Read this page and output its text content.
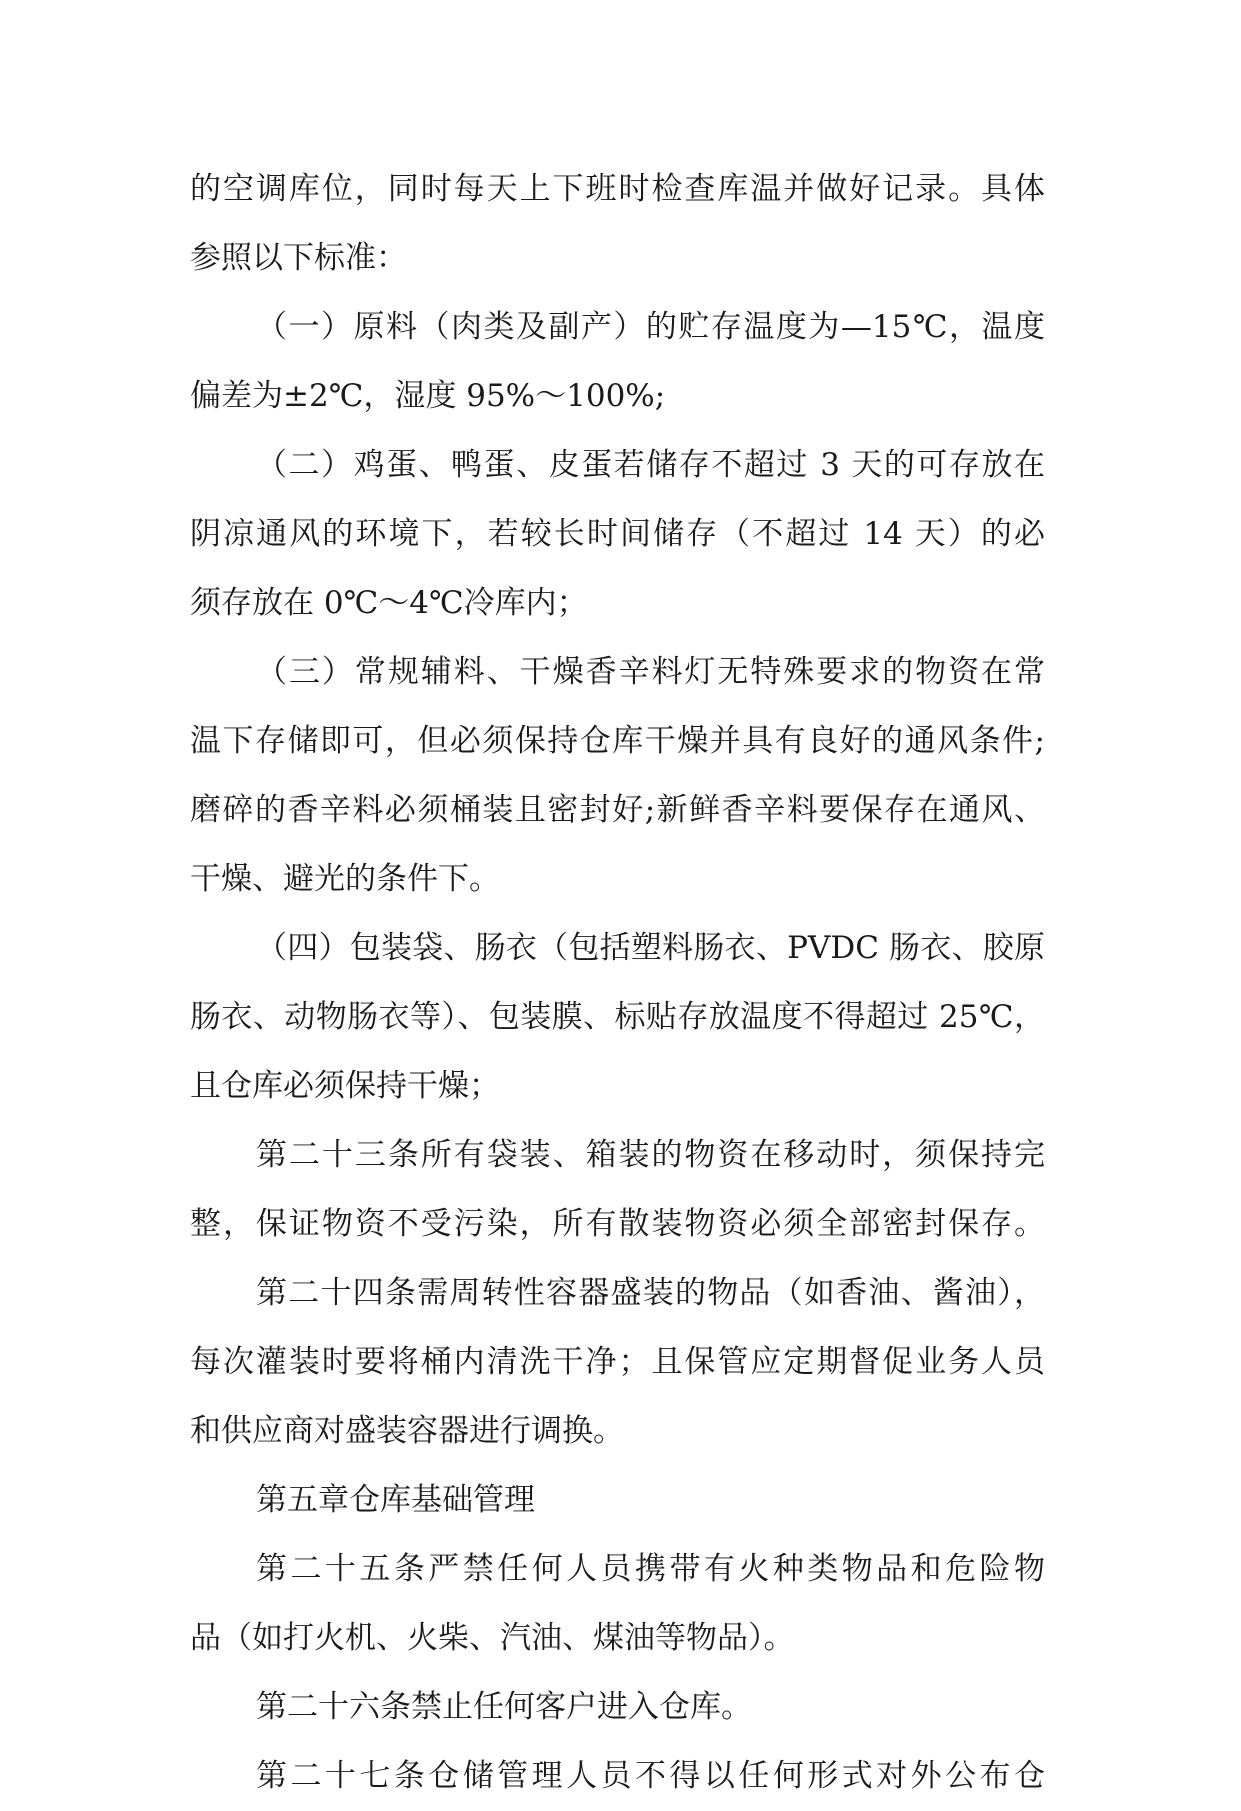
的空调库位，同时每天上下班时检查库温并做好记录。具体
参照以下标准：
（一）原料（肉类及副产）的贮存温度为—15℃，温度
偏差为±2℃，湿度 95%～100%;
（二）鸡蛋、鸭蛋、皮蛋若储存不超过 3 天的可存放在
阴凉通风的环境下，若较长时间储存（不超过 14 天）的必
须存放在 0℃～4℃冷库内；
（三）常规辅料、干燥香辛料灯无特殊要求的物资在常
温下存储即可，但必须保持仓库干燥并具有良好的通风条件;
磨碎的香辛料必须桶装且密封好;新鲜香辛料要保存在通风、
干燥、避光的条件下。
（四）包装袋、肠衣（包括塑料肠衣、PVDC 肠衣、胶原
肠衣、动物肠衣等）、包装膜、标贴存放温度不得超过 25℃，
且仓库必须保持干燥；
第二十三条所有袋装、箱装的物资在移动时，须保持完
整，保证物资不受污染，所有散装物资必须全部密封保存。
第二十四条需周转性容器盛装的物品（如香油、酱油），
每次灌装时要将桶内清洗干净；且保管应定期督促业务人员
和供应商对盛装容器进行调换。
第五章仓库基础管理
第二十五条严禁任何人员携带有火种类物品和危险物
品（如打火机、火柴、汽油、煤油等物品）。
第二十六条禁止任何客户进入仓库。
第二十七条仓储管理人员不得以任何形式对外公布仓
